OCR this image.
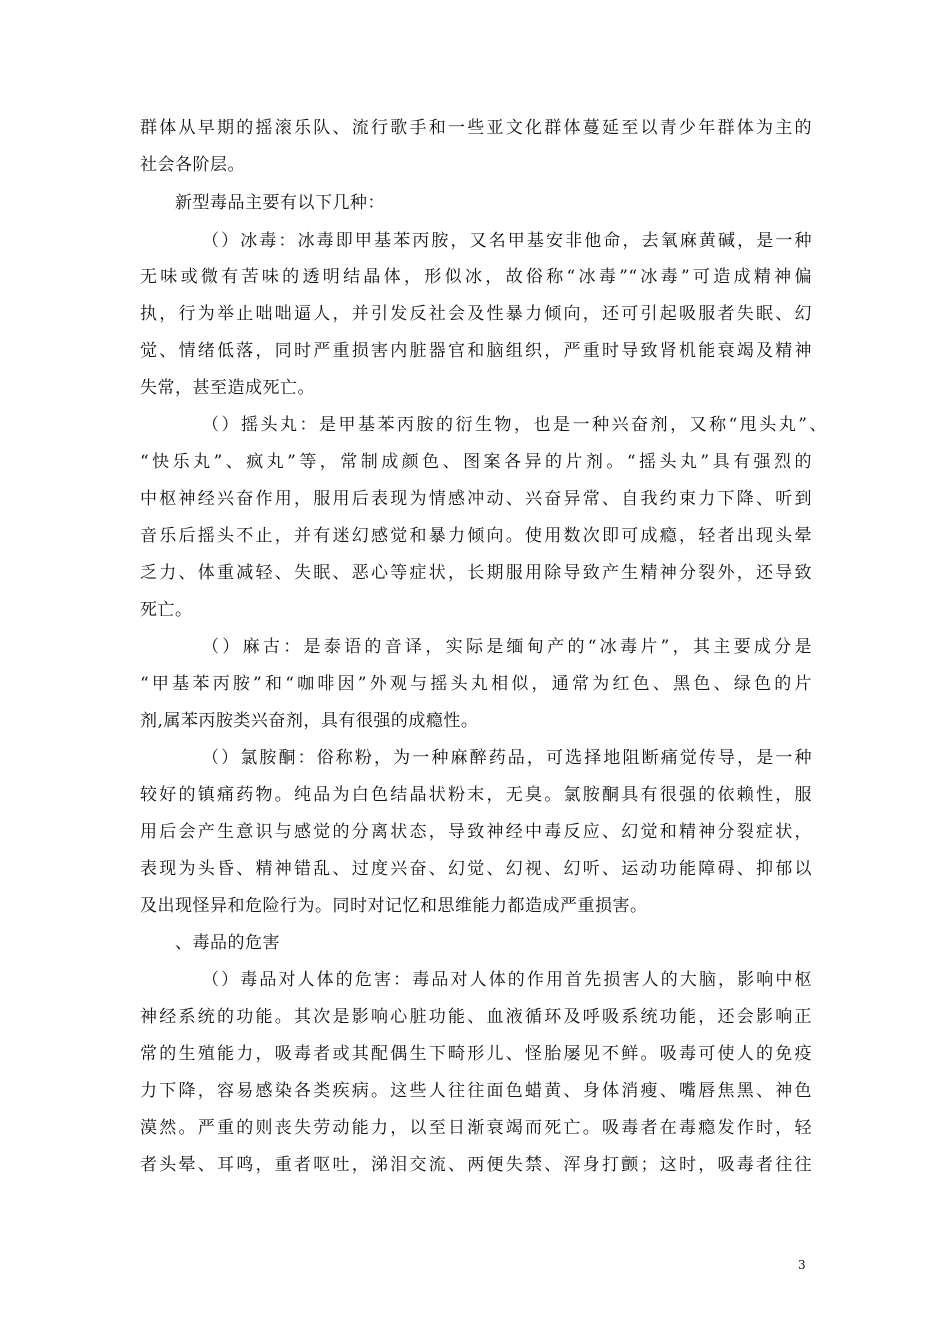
群体从早期的摇滚乐队、流行歌手和一些亚文化群体蔓延至以青少年群体为主的
社会各阶层。
新型毒品主要有以下几种：
（）冰毒：冰毒即甲基苯丙胺，又名甲基安非他命，去氧麻黄碱，是一种
无味或微有苦味的透明结晶体，形似冰，故俗称“冰毒”“冰毒”可造成精神偏
执，行为举止咄咄逼人，并引发反社会及性暴力倾向，还可引起吸服者失眠、幻
觉、情绪低落，同时严重损害内脏器官和脑组织，严重时导致肾机能衰竭及精神
失常，甚至造成死亡。
（）摇头丸：是甲基苯丙胺的衍生物，也是一种兴奋剂，又称“甩头丸”、
“快乐丸”、疯丸”等，常制成颜色、图案各异的片剂。“摇头丸”具有强烈的
中枢神经兴奋作用，服用后表现为情感冲动、兴奋异常、自我约束力下降、听到
音乐后摇头不止，并有迷幻感觉和暴力倾向。使用数次即可成瘾，轻者出现头晕
乏力、体重减轻、失眠、恶心等症状，长期服用除导致产生精神分裂外，还导致
死亡。
（）麻古：是泰语的音译，实际是缅甸产的“冰毒片”，其主要成分是
“甲基苯丙胺”和“咖啡因”外观与摇头丸相似，通常为红色、黑色、绿色的片
剂,属苯丙胺类兴奋剂，具有很强的成瘾性。
（）氯胺酮：俗称粉，为一种麻醉药品，可选择地阻断痛觉传导，是一种
较好的镇痛药物。纯品为白色结晶状粉末，无臭。氯胺酮具有很强的依赖性，服
用后会产生意识与感觉的分离状态，导致神经中毒反应、幻觉和精神分裂症状，
表现为头昏、精神错乱、过度兴奋、幻觉、幻视、幻听、运动功能障碍、抑郁以
及出现怪异和危险行为。同时对记忆和思维能力都造成严重损害。
、毒品的危害
（）毒品对人体的危害：毒品对人体的作用首先损害人的大脑，影响中枢
神经系统的功能。其次是影响心脏功能、血液循环及呼吸系统功能，还会影响正
常的生殖能力，吸毒者或其配偶生下畸形儿、怪胎屡见不鲜。吸毒可使人的免疫
力下降，容易感染各类疾病。这些人往往面色蜡黄、身体消瘦、嘴唇焦黑、神色
漠然。严重的则丧失劳动能力，以至日渐衰竭而死亡。吸毒者在毒瘾发作时，轻
者头晕、耳鸣，重者呕吐，涕泪交流、两便失禁、浑身打颤；这时，吸毒者往往
3
